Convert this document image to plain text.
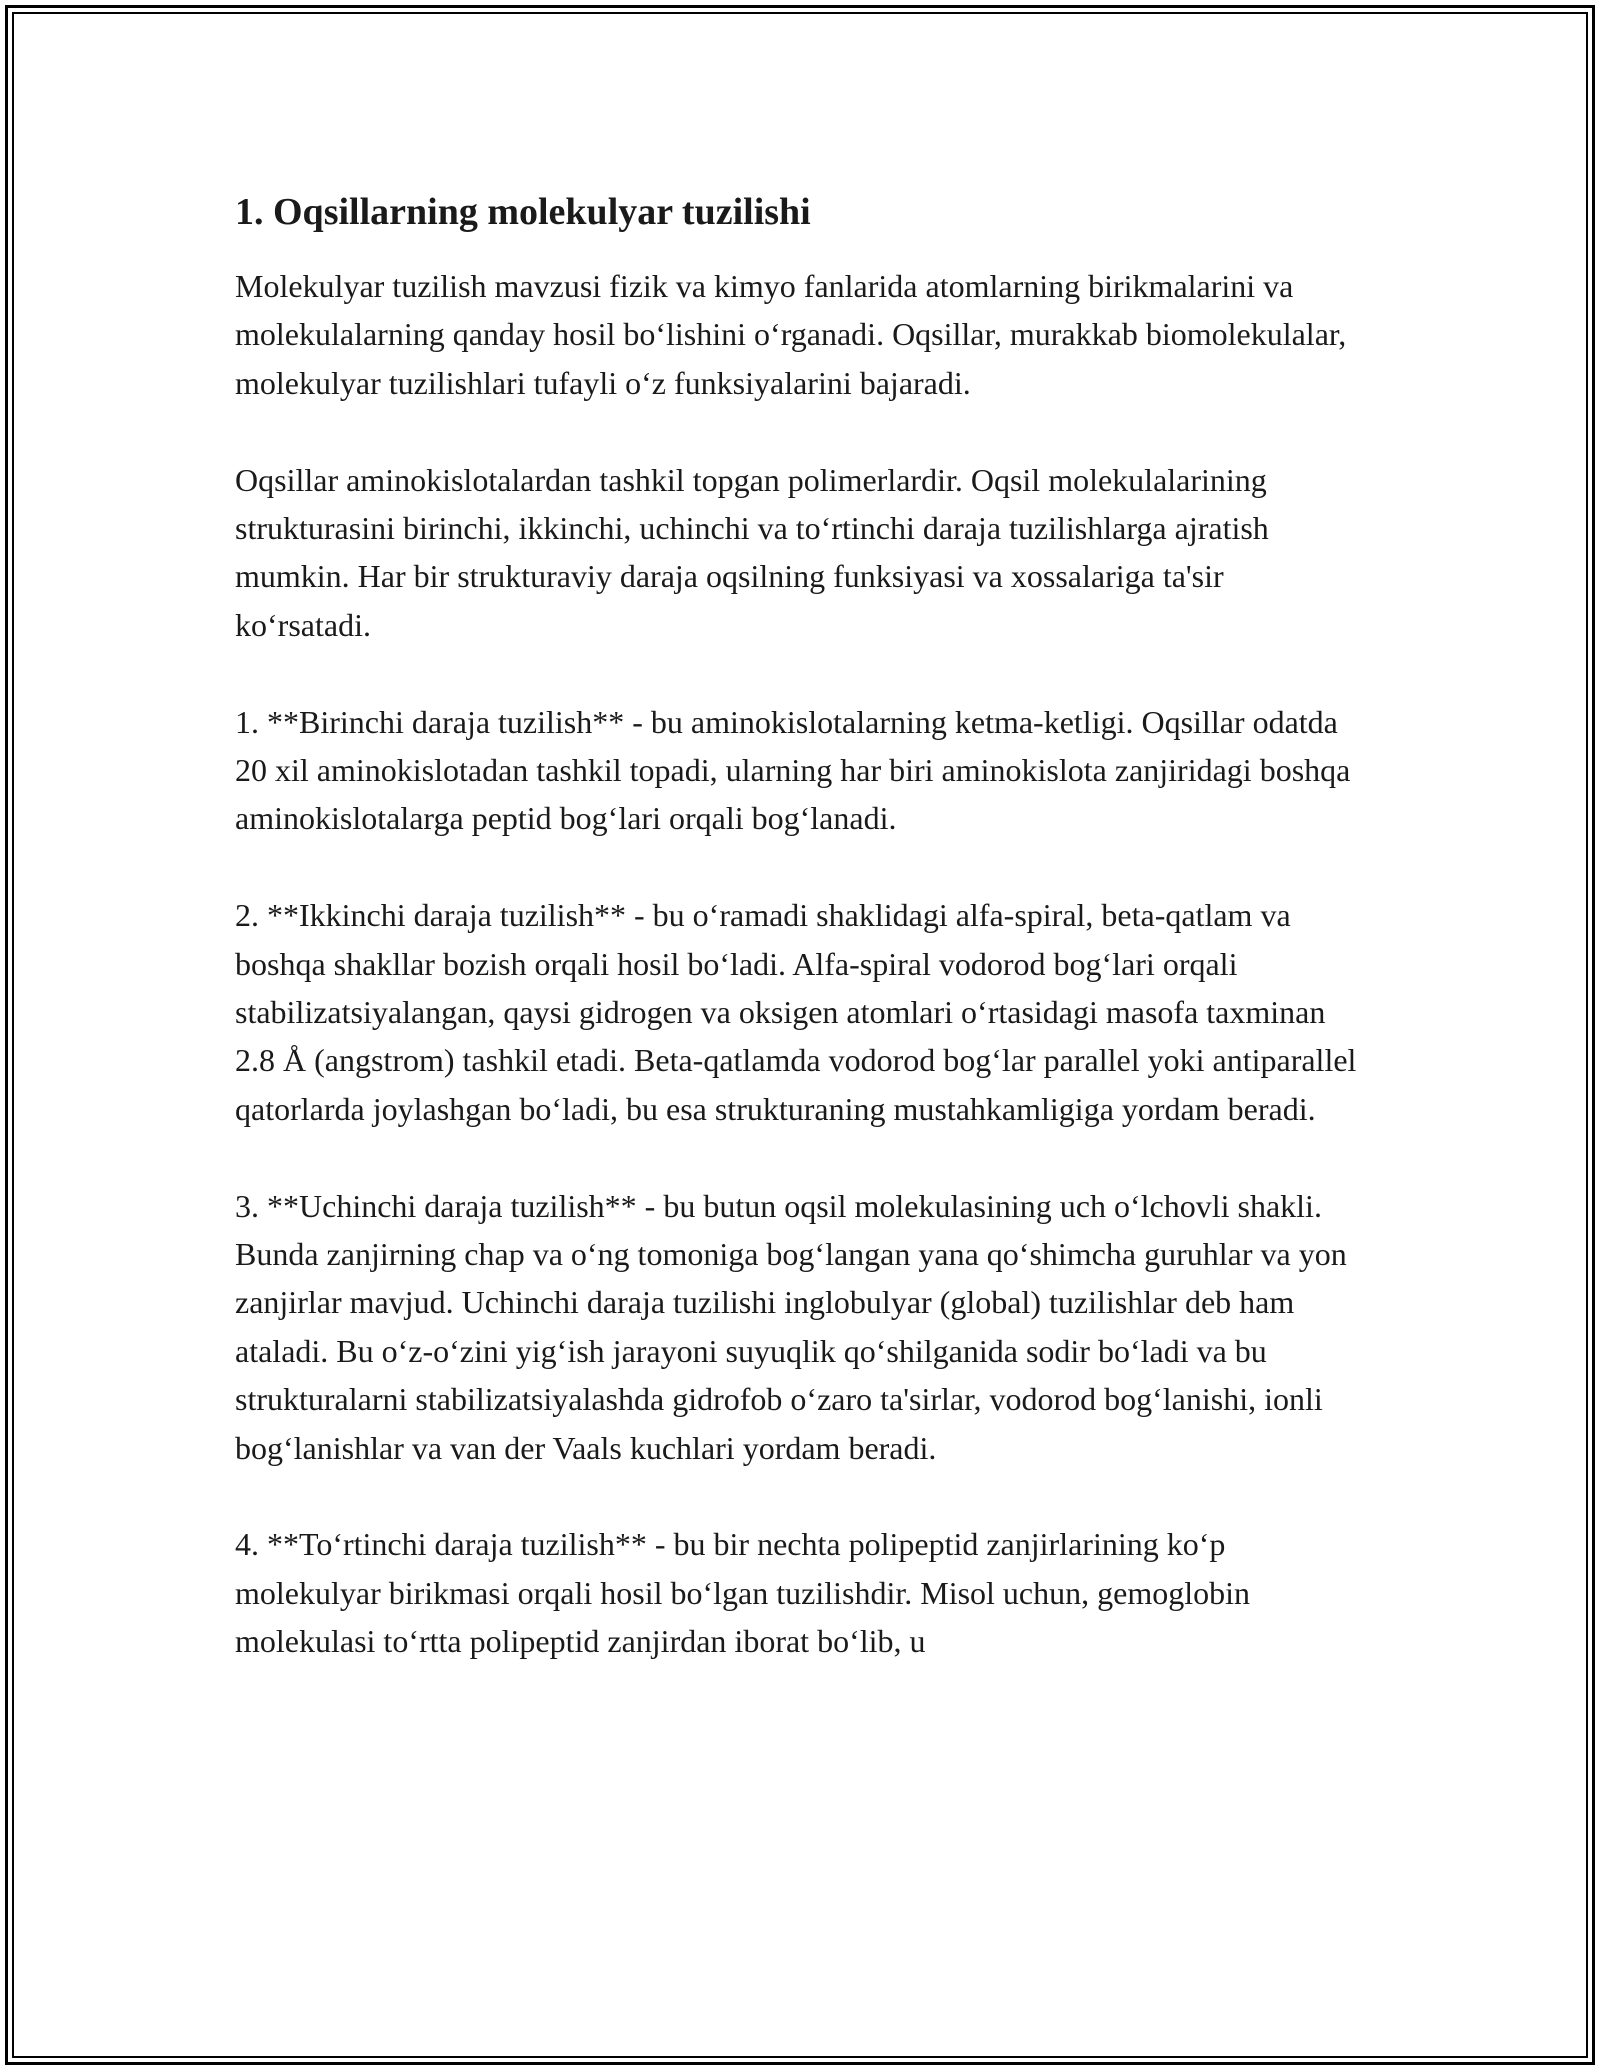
1. Oqsillarning molekulyar tuzilishi

Molekulyar tuzilish mavzusi fizik va kimyo fanlarida atomlarning birikmalarini va molekulalarning qanday hosil bo‘lishini o‘rganadi. Oqsillar, murakkab biomolekulalar, molekulyar tuzilishlari tufayli o‘z funksiyalarini bajaradi.

Oqsillar aminokislotalardan tashkil topgan polimerlardir. Oqsil molekulalarining strukturasini birinchi, ikkinchi, uchinchi va to‘rtinchi daraja tuzilishlarga ajratish mumkin. Har bir strukturaviy daraja oqsilning funksiyasi va xossalariga ta'sir ko‘rsatadi.

1. **Birinchi daraja tuzilish** - bu aminokislotalarning ketma-ketligi. Oqsillar odatda 20 xil aminokislotadan tashkil topadi, ularning har biri aminokislota zanjiridagi boshqa aminokislotalarga peptid bog‘lari orqali bog‘lanadi.

2. **Ikkinchi daraja tuzilish** - bu o‘ramadi shaklidagi alfa-spiral, beta-qatlam va boshqa shakllar bozish orqali hosil bo‘ladi. Alfa-spiral vodorod bog‘lari orqali stabilizatsiyalangan, qaysi gidrogen va oksigen atomlari o‘rtasidagi masofa taxminan 2.8 Å (angstrom) tashkil etadi. Beta-qatlamda vodorod bog‘lar parallel yoki antiparallel qatorlarda joylashgan bo‘ladi, bu esa strukturaning mustahkamligiga yordam beradi.

3. **Uchinchi daraja tuzilish** - bu butun oqsil molekulasining uch o‘lchovli shakli. Bunda zanjirning chap va o‘ng tomoniga bog‘langan yana qo‘shimcha guruhlar va yon zanjirlar mavjud. Uchinchi daraja tuzilishi inglobulyar (global) tuzilishlar deb ham ataladi. Bu o‘z-o‘zini yig‘ish jarayoni suyuqlik qo‘shilganida sodir bo‘ladi va bu strukturalarni stabilizatsiyalashda gidrofob o‘zaro ta'sirlar, vodorod bog‘lanishi, ionli bog‘lanishlar va van der Vaals kuchlari yordam beradi.

4. **To‘rtinchi daraja tuzilish** - bu bir nechta polipeptid zanjirlarining ko‘p molekulyar birikmasi orqali hosil bo‘lgan tuzilishdir. Misol uchun, gemoglobin molekulasi to‘rtta polipeptid zanjirdan iborat bo‘lib, u
